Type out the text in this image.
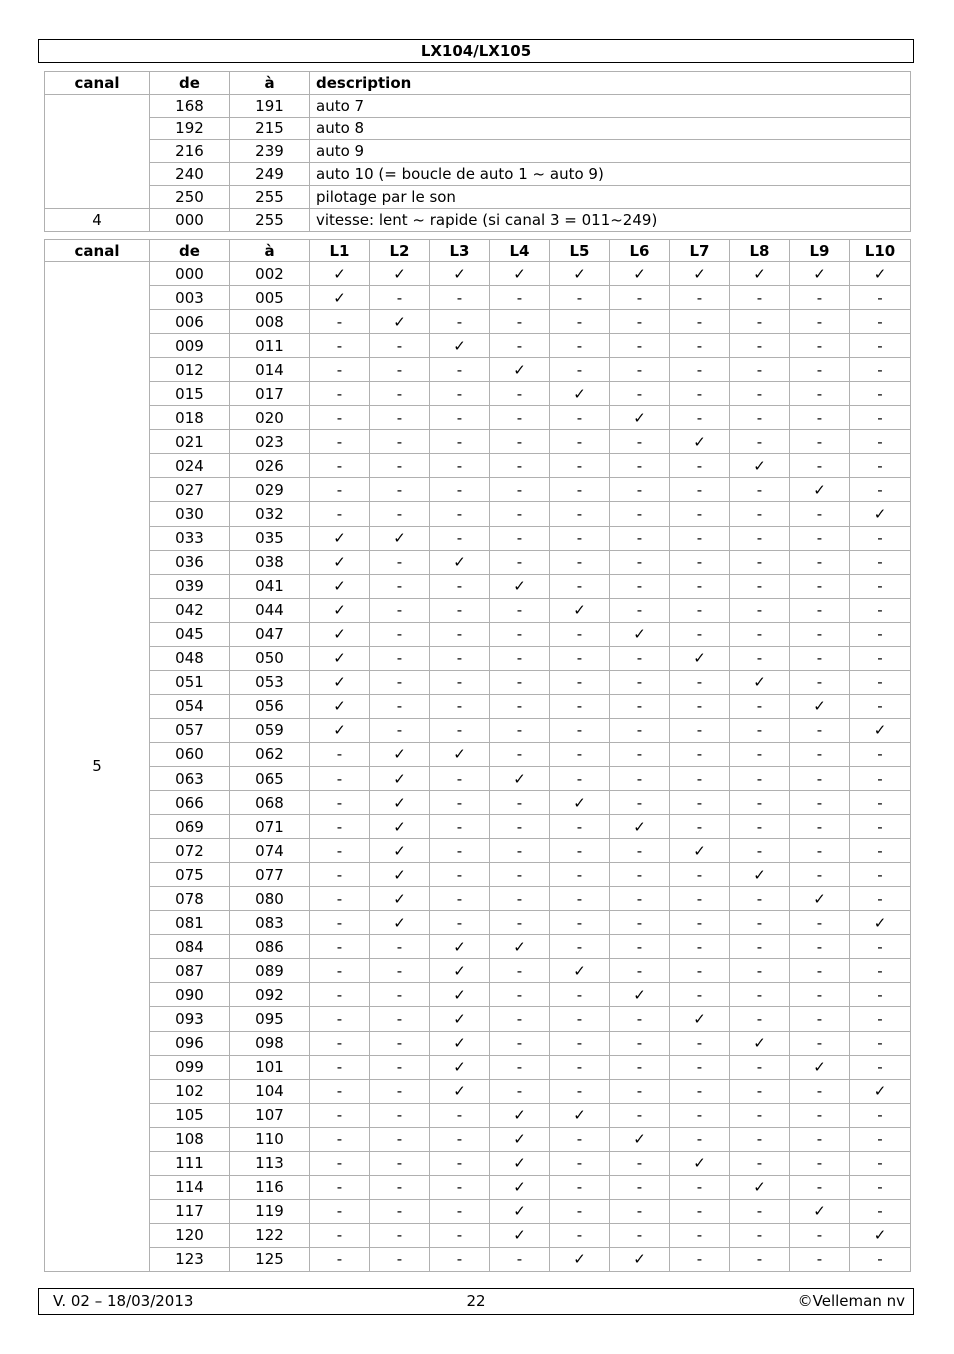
LX104/LX105
canal	de	à	description
	168	191	auto 7
	192	215	auto 8
	216	239	auto 9
	240	249	auto 10 (= boucle de auto 1 ~ auto 9)
	250	255	pilotage par le son
4	000	255	vitesse: lent ~ rapide (si canal 3 = 011~249)
canal	de	à	L1	L2	L3	L4	L5	L6	L7	L8	L9	L10
5	000	002	✓	✓	✓	✓	✓	✓	✓	✓	✓	✓
	003	005	✓	-	-	-	-	-	-	-	-	-
	006	008	-	✓	-	-	-	-	-	-	-	-
	009	011	-	-	✓	-	-	-	-	-	-	-
	012	014	-	-	-	✓	-	-	-	-	-	-
	015	017	-	-	-	-	✓	-	-	-	-	-
	018	020	-	-	-	-	-	✓	-	-	-	-
	021	023	-	-	-	-	-	-	✓	-	-	-
	024	026	-	-	-	-	-	-	-	✓	-	-
	027	029	-	-	-	-	-	-	-	-	✓	-
	030	032	-	-	-	-	-	-	-	-	-	✓
	033	035	✓	✓	-	-	-	-	-	-	-	-
	036	038	✓	-	✓	-	-	-	-	-	-	-
	039	041	✓	-	-	✓	-	-	-	-	-	-
	042	044	✓	-	-	-	✓	-	-	-	-	-
	045	047	✓	-	-	-	-	✓	-	-	-	-
	048	050	✓	-	-	-	-	-	✓	-	-	-
	051	053	✓	-	-	-	-	-	-	✓	-	-
	054	056	✓	-	-	-	-	-	-	-	✓	-
	057	059	✓	-	-	-	-	-	-	-	-	✓
	060	062	-	✓	✓	-	-	-	-	-	-	-
	063	065	-	✓	-	✓	-	-	-	-	-	-
	066	068	-	✓	-	-	✓	-	-	-	-	-
	069	071	-	✓	-	-	-	✓	-	-	-	-
	072	074	-	✓	-	-	-	-	✓	-	-	-
	075	077	-	✓	-	-	-	-	-	✓	-	-
	078	080	-	✓	-	-	-	-	-	-	✓	-
	081	083	-	✓	-	-	-	-	-	-	-	✓
	084	086	-	-	✓	✓	-	-	-	-	-	-
	087	089	-	-	✓	-	✓	-	-	-	-	-
	090	092	-	-	✓	-	-	✓	-	-	-	-
	093	095	-	-	✓	-	-	-	✓	-	-	-
	096	098	-	-	✓	-	-	-	-	✓	-	-
	099	101	-	-	✓	-	-	-	-	-	✓	-
	102	104	-	-	✓	-	-	-	-	-	-	✓
	105	107	-	-	-	✓	✓	-	-	-	-	-
	108	110	-	-	-	✓	-	✓	-	-	-	-
	111	113	-	-	-	✓	-	-	✓	-	-	-
	114	116	-	-	-	✓	-	-	-	✓	-	-
	117	119	-	-	-	✓	-	-	-	-	✓	-
	120	122	-	-	-	✓	-	-	-	-	-	✓
	123	125	-	-	-	-	✓	✓	-	-	-	-
22
V. 02 – 18/03/2013	©Velleman nv
